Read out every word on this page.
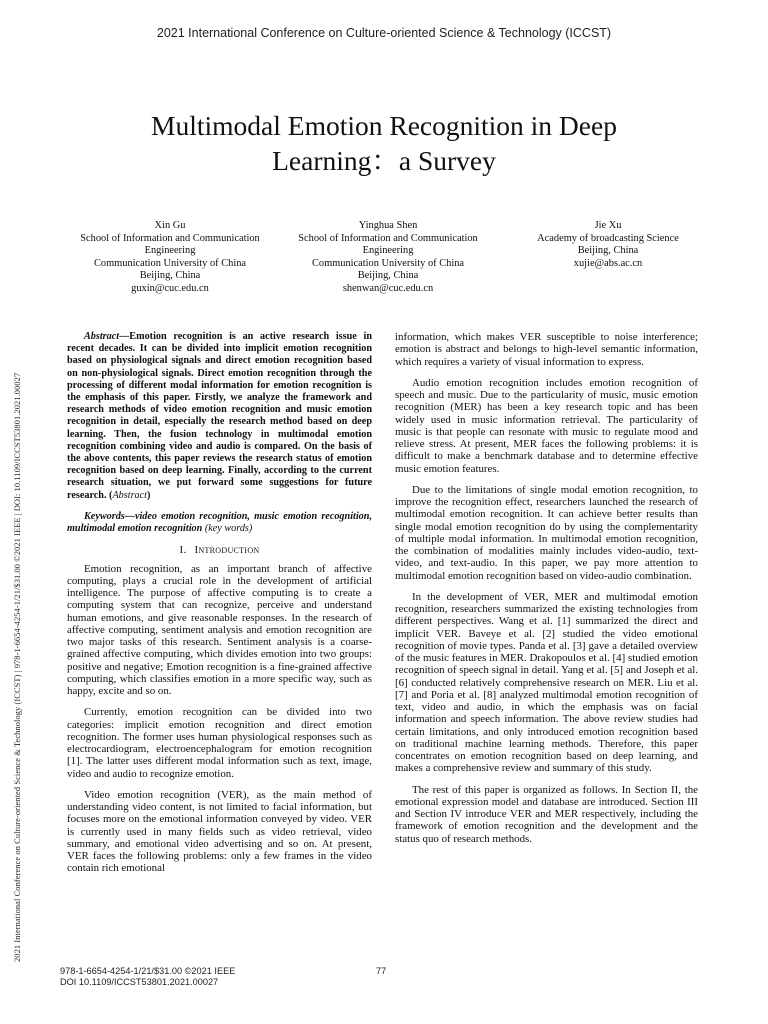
2021 International Conference on Culture-oriented Science & Technology (ICCST)
2021 International Conference on Culture-oriented Science & Technology (ICCST) | 978-1-6654-4254-1/21/$31.00 ©2021 IEEE | DOI: 10.1109/ICCST53801.2021.00027
Multimodal Emotion Recognition in Deep
Learning：a Survey
Xin Gu
School of Information and Communication
Engineering
Communication University of China
Beijing, China
guxin@cuc.edu.cn
Yinghua Shen
School of Information and Communication
Engineering
Communication University of China
Beijing, China
shenwan@cuc.edu.cn
Jie Xu
Academy of broadcasting Science
Beijing, China
xujie@abs.ac.cn

Abstract—Emotion recognition is an active research issue in recent decades. It can be divided into implicit emotion recognition based on physiological signals and direct emotion recognition based on non-physiological signals. Direct emotion recognition through the processing of different modal information for emotion recognition is the emphasis of this paper. Firstly, we analyze the framework and research methods of video emotion recognition and music emotion recognition in detail, especially the research method based on deep learning. Then, the fusion technology in multimodal emotion recognition combining video and audio is compared. On the basis of the above contents, this paper reviews the research status of emotion recognition based on deep learning. Finally, according to the current research situation, we put forward some suggestions for future research. (Abstract)

Keywords—video emotion recognition, music emotion recognition, multimodal emotion recognition (key words)

I. Introduction

Emotion recognition, as an important branch of affective computing, plays a crucial role in the development of artificial intelligence. The purpose of affective computing is to create a computing system that can recognize, perceive and understand human emotions, and give reasonable responses. In the research of affective computing, sentiment analysis and emotion recognition are two major tasks of this research. Sentiment analysis is a coarse-grained affective computing, which divides emotion into two groups: positive and negative; Emotion recognition is a fine-grained affective computing, which classifies emotion in a more specific way, such as happy, excite and so on.

Currently, emotion recognition can be divided into two categories: implicit emotion recognition and direct emotion recognition. The former uses human physiological responses such as electrocardiogram, electroencephalogram for emotion recognition [1]. The latter uses different modal information such as text, image, video and audio to recognize emotion.

Video emotion recognition (VER), as the main method of understanding video content, is not limited to facial information, but focuses more on the emotional information conveyed by video. VER is currently used in many fields such as video retrieval, video summary, and emotional video advertising and so on. At present, VER faces the following problems: only a few frames in the video contain rich emotional

information, which makes VER susceptible to noise interference; emotion is abstract and belongs to high-level semantic information, which requires a variety of visual information to express.

Audio emotion recognition includes emotion recognition of speech and music. Due to the particularity of music, music emotion recognition (MER) has been a key research topic and has been widely used in music information retrieval. The particularity of music is that people can resonate with music to regulate mood and relieve stress. At present, MER faces the following problems: it is difficult to make a benchmark database and to determine effective music emotion features.

Due to the limitations of single modal emotion recognition, to improve the recognition effect, researchers launched the research of multimodal emotion recognition. It can achieve better results than single modal emotion recognition do by using the complementarity of multiple modal information. In multimodal emotion recognition, the combination of modalities mainly includes video-audio, text-video, and text-audio. In this paper, we pay more attention to multimodal emotion recognition based on video-audio combination.

In the development of VER, MER and multimodal emotion recognition, researchers summarized the existing technologies from different perspectives. Wang et al. [1] summarized the direct and implicit VER. Baveye et al. [2] studied the video emotional recognition of movie types. Panda et al. [3] gave a detailed overview of the music features in MER. Drakopoulos et al. [4] studied emotion recognition of speech signal in detail. Yang et al. [5] and Joseph et al. [6] conducted relatively comprehensive research on MER. Liu et al. [7] and Poria et al. [8] analyzed multimodal emotion recognition of text, video and audio, in which the emphasis was on facial information and speech information. The above review studies had certain limitations, and only introduced emotion recognition based on traditional machine learning methods. Therefore, this paper concentrates on emotion recognition based on deep learning, and makes a comprehensive review and summary of this study.

The rest of this paper is organized as follows. In Section II, the emotional expression model and database are introduced. Section III and Section IV introduce VER and MER respectively, including the framework of emotion recognition and the development and the status quo of research methods.

978-1-6654-4254-1/21/$31.00 ©2021 IEEE
DOI 10.1109/ICCST53801.2021.00027
77
